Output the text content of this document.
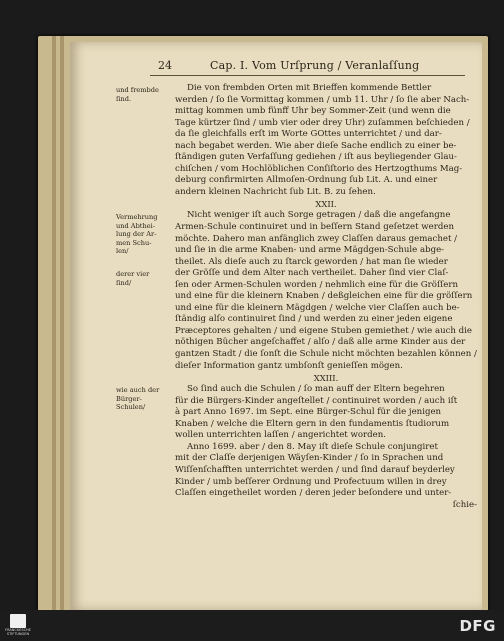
24	Cap. I. Vom Urſprung / Veranlaſſung
und frembde
ſind.
Vermehrung
und Abthei-
lung der Ar-
men Schu-
len/
derer vier
ſind/
wie auch der
Bürger-
Schulen/

Die von frembden Orten mit Brieffen kommende Bettler

werden / ſo ſie Vormittag kommen / umb 11. Uhr / ſo ſie aber Nach-

mittag kommen umb fünff Uhr bey Sommer-Zeit (und wenn die

Tage kürtzer ſind / umb vier oder drey Uhr) zuſammen beſchieden /

da ſie gleichfalls erſt im Worte GOttes unterrichtet / und dar-

nach begabet werden. Wie aber dieſe Sache endlich zu einer be-

ſtändigen guten Verfaſſung gediehen / iſt aus beyliegender Glau-

chiſchen / vom Hochlöblichen Conſiſtorio des Hertzogthums Mag-

deburg confirmirten Allmoſen-Ordnung ſub Lit. A. und einer

andern kleinen Nachricht ſub Lit. B. zu ſehen.

XXII.

Nicht weniger iſt auch Sorge getragen / daß die angefangne

Armen-Schule continuiret und in beſſern Stand geſetzet werden

möchte. Dahero man anfänglich zwey Claſſen daraus gemachet /

und ſie in die arme Knaben- und arme Mägdgen-Schule abge-

theilet. Als dieſe auch zu ſtarck geworden / hat man ſie wieder

der Gröſſe und dem Alter nach vertheilet. Daher ſind vier Claſ-

ſen oder Armen-Schulen worden / nehmlich eine für die Gröſſern

und eine für die kleinern Knaben / deßgleichen eine für die gröſſern

und eine für die kleinern Mägdgen / welche vier Claſſen auch be-

ſtändig alſo continuiret ſind / und werden zu einer jeden eigene

Præceptores gehalten / und eigene Stuben gemiethet / wie auch die

nöthigen Bücher angeſchaffet / alſo / daß alle arme Kinder aus der

gantzen Stadt / die ſonſt die Schule nicht möchten bezahlen können /

dieſer Information gantz umbſonſt genieſſen mögen.

XXIII.

So ſind auch die Schulen / ſo man auff der Eltern begehren

für die Bürgers-Kinder angeſtellet / continuiret worden / auch iſt

à part Anno 1697. im Sept. eine Bürger-Schul für die jenigen

Knaben / welche die Eltern gern in den fundamentis ſtudiorum

wollen unterrichten laſſen / angerichtet worden.

Anno 1699. aber / den 8. May iſt dieſe Schule conjungiret

mit der Claſſe derjenigen Wäyſen-Kinder / ſo in Sprachen und

Wiſſenſchafften unterrichtet werden / und ſind darauf beyderley

Kinder / umb beſſerer Ordnung und Profectuum willen in drey

Claſſen eingetheilet worden / deren jeder beſondere und unter-

ſchie-

FRANCKESCHE STIFTUNGEN	DFG
